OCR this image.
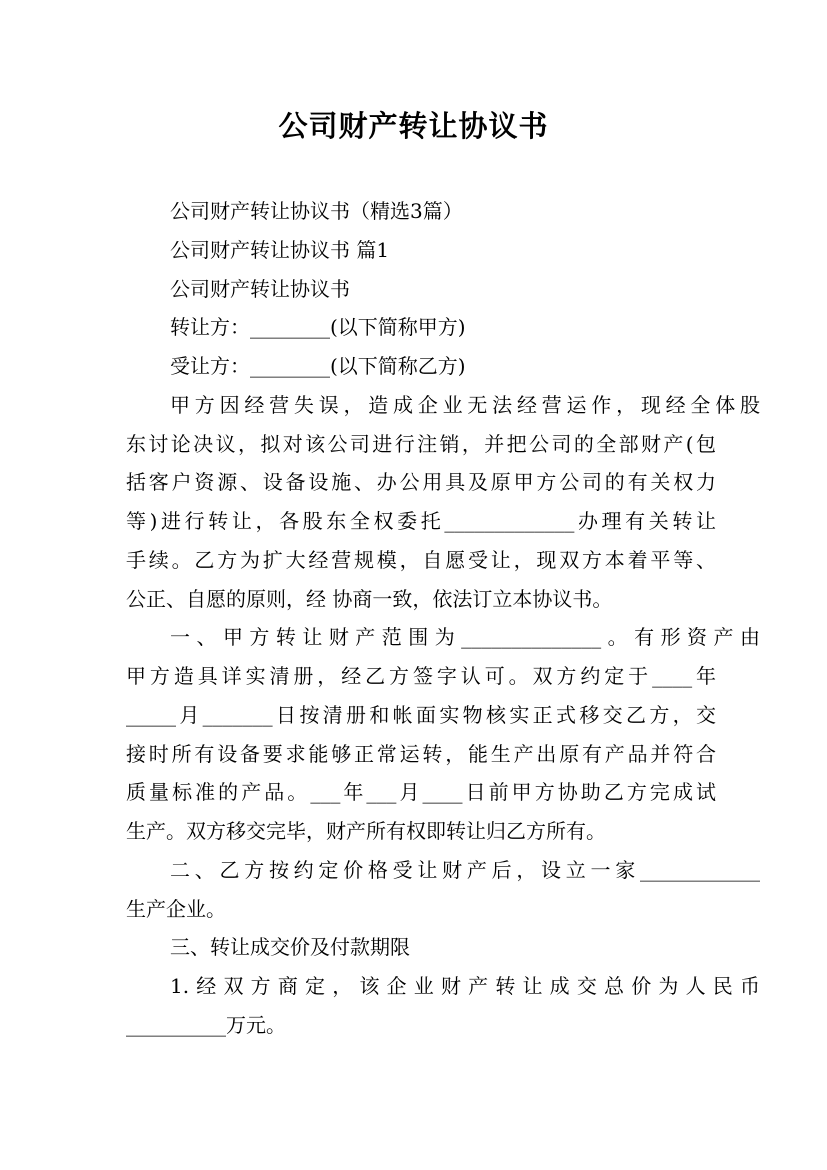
公司财产转让协议书

公司财产转让协议书（精选3篇）

公司财产转让协议书 篇1

公司财产转让协议书

转让方：________(以下简称甲方)

受让方：________(以下简称乙方)

甲方因经营失误，造成企业无法经营运作，现经全体股

东讨论决议，拟对该公司进行注销，并把公司的全部财产(包

括客户资源、设备设施、办公用具及原甲方公司的有关权力

等)进行转让，各股东全权委托_____________办理有关转让

手续。乙方为扩大经营规模，自愿受让，现双方本着平等、

公正、自愿的原则，经 协商一致，依法订立本协议书。

一、甲方转让财产范围为______________。有形资产由

甲方造具详实清册，经乙方签字认可。双方约定于____年

_____月_______日按清册和帐面实物核实正式移交乙方，交

接时所有设备要求能够正常运转，能生产出原有产品并符合

质量标准的产品。___年___月____日前甲方协助乙方完成试

生产。双方移交完毕，财产所有权即转让归乙方所有。

二、乙方按约定价格受让财产后，设立一家____________

生产企业。

三、转让成交价及付款期限

1.经双方商定，该企业财产转让成交总价为人民币

__________万元。
